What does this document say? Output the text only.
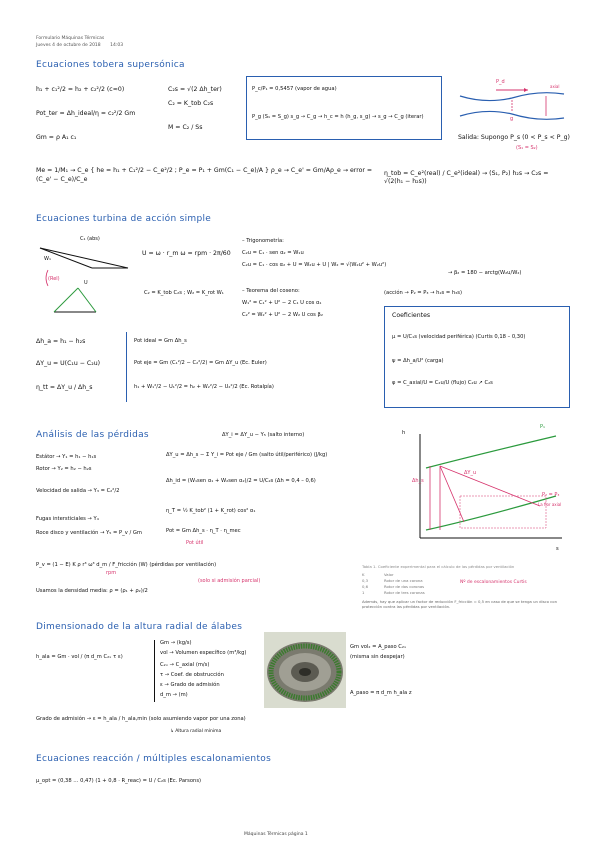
Formulario Máquinas Térmicas
Jueves 4 de octubre de 2018 14:03
Ecuaciones tobera supersónica
h₁ + c₁²/2 = h₂ + c₂²/2 (c≈0)
Pot_ter = Δh_ideal/η = c₂²/2 Gm
Gm = ρ A₁ c₁
C₂s = √(2 Δh_ter)
C₂ = K_tob C₂s
M = C₂ / Ss
P_c/P₁ = 0,5457 (vapor de agua)
P_g (S₁ = S_g) s_g → C_g → h_c = h (h_g, s_g) → s_g → C_g (iterar)
P_d
axial
g
Salida: Supongo P_s (0 < P_s < P_g)
(S₁ = S₂)
Me = 1/M₁ → C_e { he = h₁ + C₁²/2 − C_e²/2 ; P_e = P₁ + Gm(C₁ − C_e)/A } ρ_e → C_e' = Gm/Aρ_e → error = (C_e' − C_e)/C_e
η_tob = C_e²(real) / C_e²(ideal) → (S₁, P₂) h₂s → C₂s = √(2(h₁ − h₂s))
Ecuaciones turbina de acción simple
C₁ (abs)
W₁
(Rel)
U
U = ω · r_m ω = rpm · 2π/60
C₂ = K_tob C₂s ; W₂ = K_rot W₁
– Trigonometría:
C₂u = C₁ · sen α₂ = W₁u
C₂u = C₁ · cos α₂ + U = W₂u + U | W₂ = √(W₂u² + W₂u²)
→ β₂ = 180 − arctg(W₂u/W₂)
– Teorema del coseno:
W₁² = C₁² + U² − 2 C₁ U cos α₁
C₂² = W₂² + U² − 2 W₂ U cos β₂
(acción → P₂ = P₃ → h₂s = h₃s)
Δh_a = h₁ − h₂s
ΔY_u = U(C₁u − C₂u)
η_tt = ΔY_u / Δh_s
Pot ideal = Gm Δh_s
Pot eje = Gm (C₁²/2 − C₂²/2) = Gm ΔY_u (Ec. Euler)
h₁ + W₁²/2 − U₁²/2 = h₂ + W₂²/2 − U₂²/2 (Ec. Rotalpía)
Coeficientes
μ = U/C₁s (velocidad periférica) (Curtis 0,18 – 0,30)
ψ = Δh_a/U² (carga)
φ = C_axial/U = C₂u/U (flujo) C₂u ↗ C₂s
Análisis de las pérdidas
Estátor → Y₁ = h₁ − h₁s
Rotor → Y₂ = h₂ − h₂s
Velocidad de salida → Y₃ = C₂²/2
Fugas intersticiales → Y₄
Roce disco y ventilación → Y₅ = P_v / Gm
ΔY_i = ΔY_u − Y₅ (salto interno)
ΔY_u = Δh_s − Σ Y_i = Pot eje / Gm (salto útil/periférico) (J/kg)
Δh_id = (W₁sen α₁ + W₂sen α₂)/2 = U/C₂s (Δh = 0,4 – 0,6)
η_T = ½ K_tob² (1 + K_rot) cos² α₁
Pot = Gm Δh_s · η_T · η_mec
Pot útil
h
s
P₁
P₂ = P₃
La flor axial
Δh_s
ΔY_u
P_v = (1 − E) K ρ r³ ω³ d_m / F_fricción (W) (pérdidas por ventilación)
rpm
Usamos la densidad media: ρ = (ρ₁ + ρ₂)/2
(solo si admisión parcial)
Tabla 1. Coeficiente experimental para el cálculo de las pérdidas por ventilación
K	Valor
0,3	Rotor de una corona
0,6	Rotor de dos coronas
1	Rotor de tres coronas
Además, hay que aplicar un factor de reducción F_fricción = 0,5 en caso de que se tenga un disco con protección contra las pérdidas por ventilación.
Nº de escalonamientos Curtis
Dimensionado de la altura radial de álabes
h_ala = Gm · vol / (π d_m C₂ₓ τ ε)
Gm → (kg/s)
vol → Volumen específico (m³/kg)
C₂ₓ → C_axial (m/s)
τ → Coef. de obstrucción
ε → Grado de admisión
d_m → (m)
Gm vol₂ = A_paso C₂ₓ
(misma sin despejar)
A_paso = π d_m h_ala z
Grado de admisión → ε = h_ala / h_ala,min (solo asumiendo vapor por una zona)
↳ Altura radial mínima
Ecuaciones reacción / múltiples escalonamientos
μ_opt = (0,38 … 0,47) (1 + 0,8 · R_reac) = U / C₂s (Ec. Parsons)
Máquinas Térmicas página 1
